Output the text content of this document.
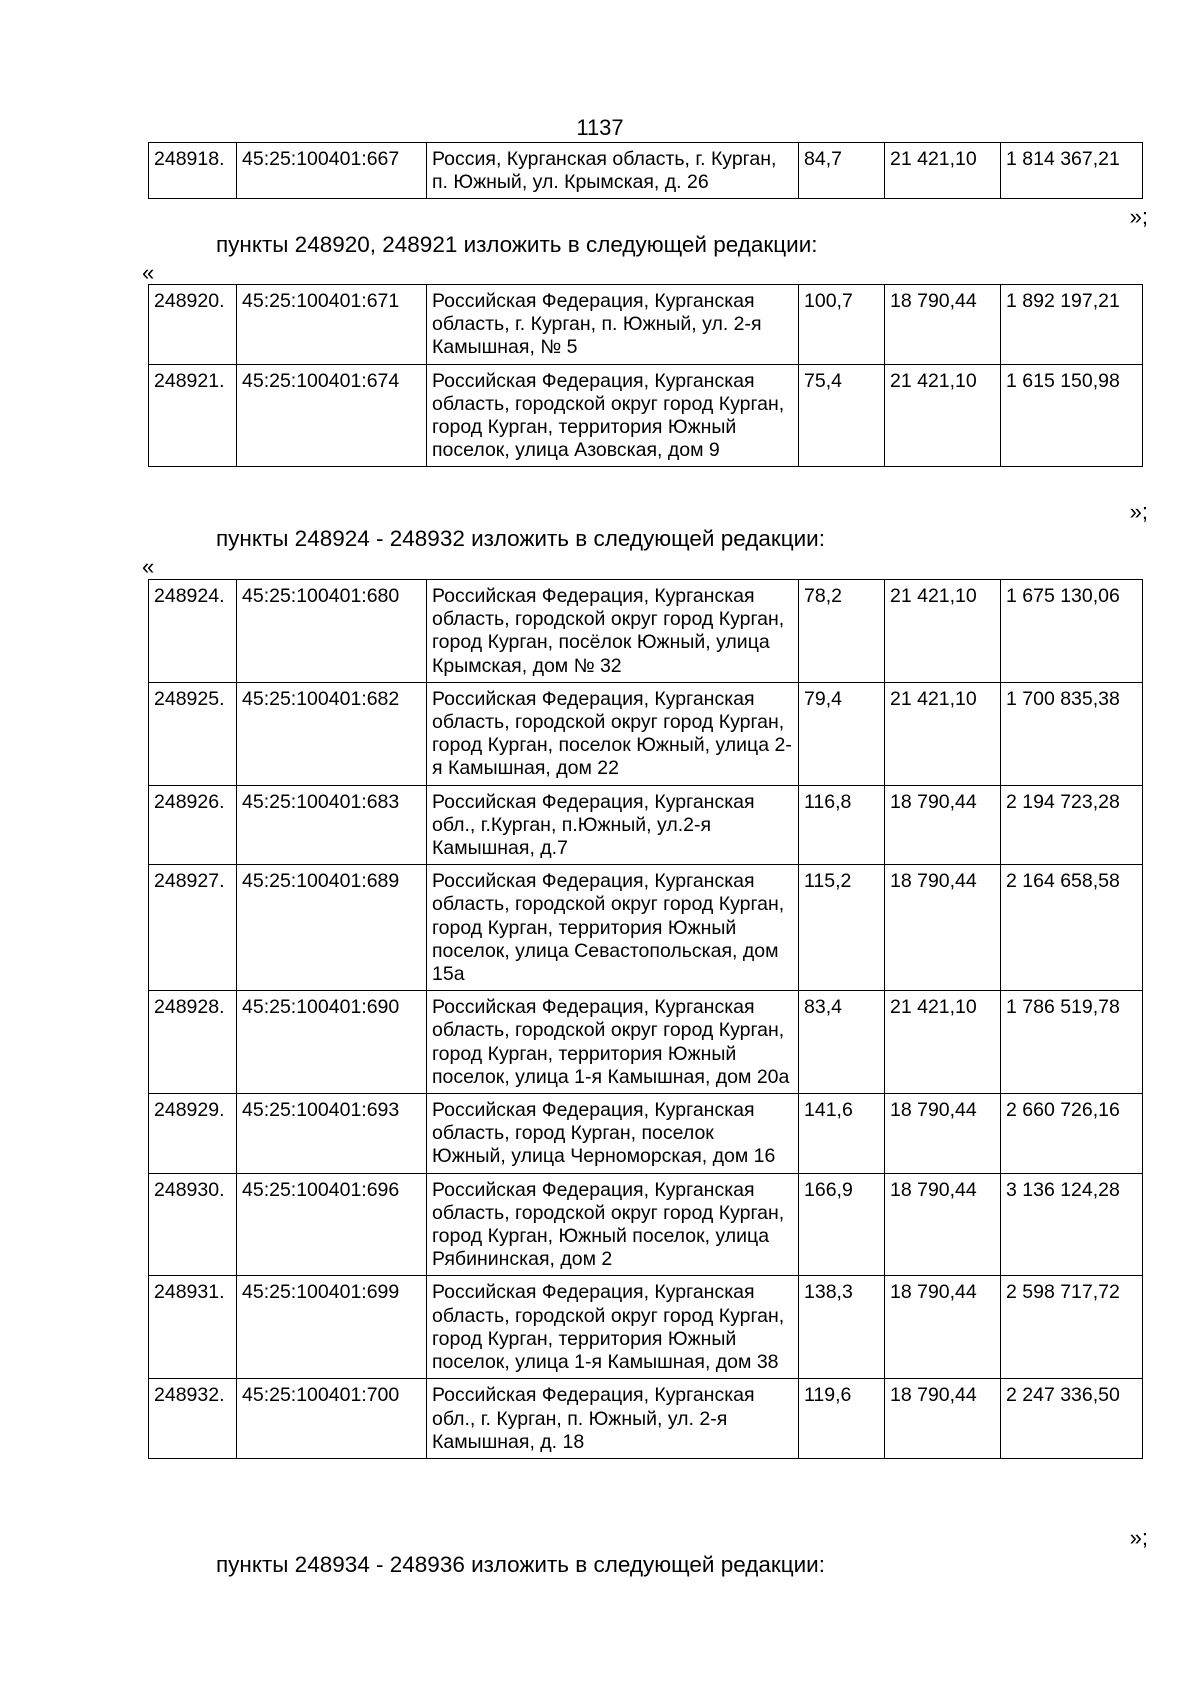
1137
248918.	45:25:100401:667	Россия, Курганская область, г. Курган, п. Южный, ул. Крымская, д. 26	84,7	21 421,10	1 814 367,21
»;
пункты 248920, 248921 изложить в следующей редакции:
«
248920.	45:25:100401:671	Российская Федерация, Курганская область, г. Курган, п. Южный, ул. 2-я Камышная, № 5	100,7	18 790,44	1 892 197,21
248921.	45:25:100401:674	Российская Федерация, Курганская область, городской округ город Курган, город Курган, территория Южный поселок, улица Азовская, дом 9	75,4	21 421,10	1 615 150,98
»;
пункты 248924 - 248932 изложить в следующей редакции:
«
248924.	45:25:100401:680	Российская Федерация, Курганская область, городской округ город Курган, город Курган, посёлок Южный, улица Крымская, дом № 32	78,2	21 421,10	1 675 130,06
248925.	45:25:100401:682	Российская Федерация, Курганская область, городской округ город Курган, город Курган, поселок Южный, улица 2-я Камышная, дом 22	79,4	21 421,10	1 700 835,38
248926.	45:25:100401:683	Российская Федерация, Курганская обл., г.Курган, п.Южный, ул.2-я Камышная, д.7	116,8	18 790,44	2 194 723,28
248927.	45:25:100401:689	Российская Федерация, Курганская область, городской округ город Курган, город Курган, территория Южный поселок, улица Севастопольская, дом 15а	115,2	18 790,44	2 164 658,58
248928.	45:25:100401:690	Российская Федерация, Курганская область, городской округ город Курган, город Курган, территория Южный поселок, улица 1-я Камышная, дом 20а	83,4	21 421,10	1 786 519,78
248929.	45:25:100401:693	Российская Федерация, Курганская область, город Курган, поселок Южный, улица Черноморская, дом 16	141,6	18 790,44	2 660 726,16
248930.	45:25:100401:696	Российская Федерация, Курганская область, городской округ город Курган, город Курган, Южный поселок, улица Рябининская, дом 2	166,9	18 790,44	3 136 124,28
248931.	45:25:100401:699	Российская Федерация, Курганская область, городской округ город Курган, город Курган, территория Южный поселок, улица 1-я Камышная, дом 38	138,3	18 790,44	2 598 717,72
248932.	45:25:100401:700	Российская Федерация, Курганская обл., г. Курган, п. Южный, ул. 2-я Камышная, д. 18	119,6	18 790,44	2 247 336,50
»;
пункты 248934 - 248936 изложить в следующей редакции:
